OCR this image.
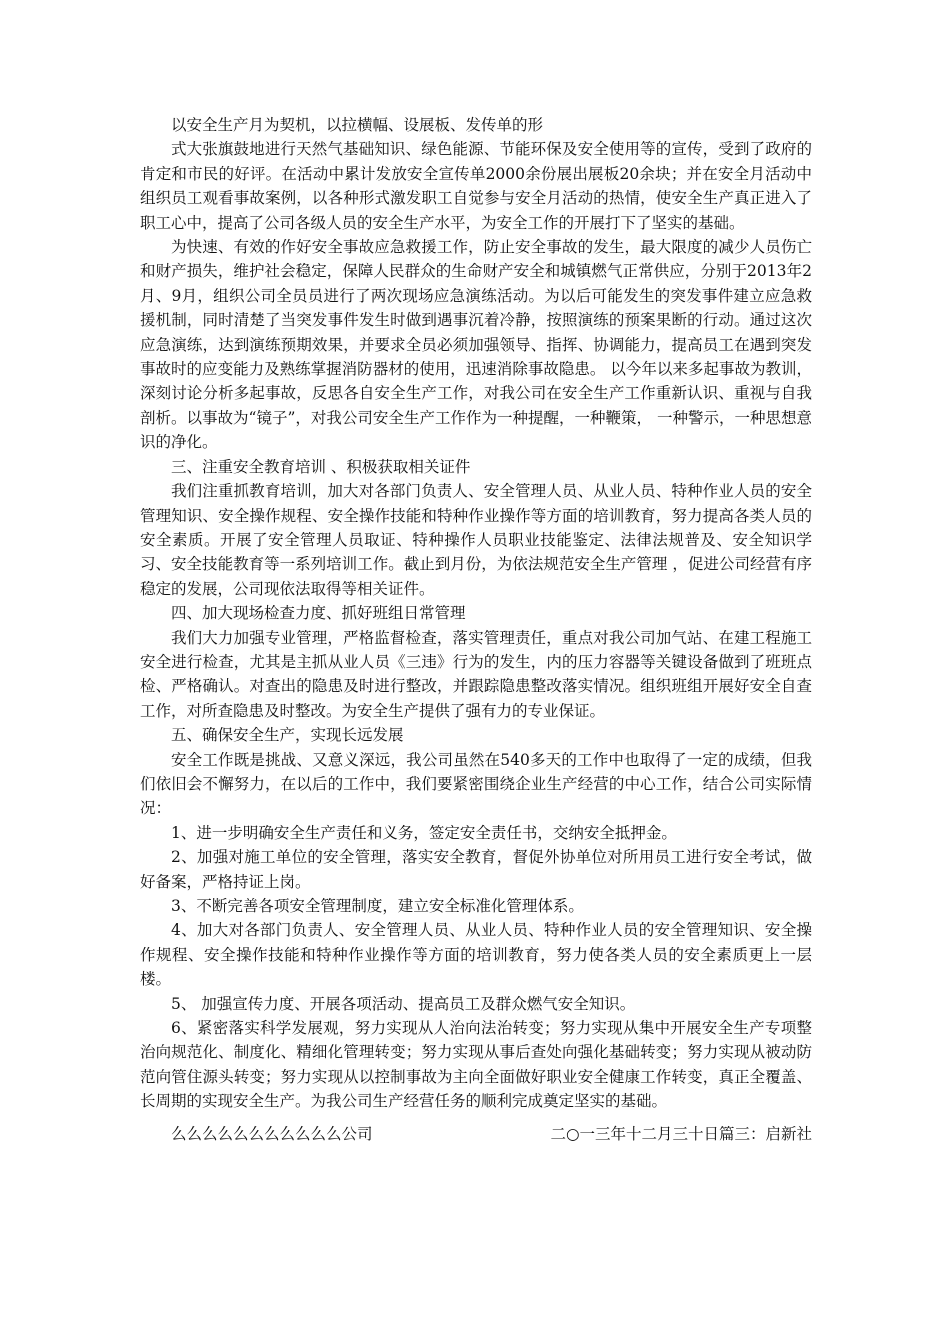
以安全生产月为契机，以拉横幅、设展板、发传单的形

式大张旗鼓地进行天然气基础知识、绿色能源、节能环保及安全使用等的宣传，受到了政府的肯定和市民的好评。在活动中累计发放安全宣传单2000余份展出展板20余块；并在安全月活动中组织员工观看事故案例，以各种形式激发职工自觉参与安全月活动的热情，使安全生产真正进入了职工心中，提高了公司各级人员的安全生产水平，为安全工作的开展打下了坚实的基础。

为快速、有效的作好安全事故应急救援工作，防止安全事故的发生，最大限度的减少人员伤亡和财产损失，维护社会稳定，保障人民群众的生命财产安全和城镇燃气正常供应，分别于2013年2月、9月，组织公司全员员进行了两次现场应急演练活动。为以后可能发生的突发事件建立应急救援机制，同时清楚了当突发事件发生时做到遇事沉着冷静，按照演练的预案果断的行动。通过这次应急演练，达到演练预期效果，并要求全员必须加强领导、指挥、协调能力，提高员工在遇到突发事故时的应变能力及熟练掌握消防器材的使用，迅速消除事故隐患。 以今年以来多起事故为教训，深刻讨论分析多起事故，反思各自安全生产工作，对我公司在安全生产工作重新认识、重视与自我剖析。以事故为“镜子”，对我公司安全生产工作作为一种提醒，一种鞭策， 一种警示，一种思想意识的净化。

三、注重安全教育培训 、积极获取相关证件

我们注重抓教育培训，加大对各部门负责人、安全管理人员、从业人员、特种作业人员的安全管理知识、安全操作规程、安全操作技能和特种作业操作等方面的培训教育，努力提高各类人员的安全素质。开展了安全管理人员取证、特种操作人员职业技能鉴定、法律法规普及、安全知识学习、安全技能教育等一系列培训工作。截止到月份，为依法规范安全生产管理 ，促进公司经营有序稳定的发展，公司现依法取得等相关证件。

四、加大现场检查力度、抓好班组日常管理

我们大力加强专业管理，严格监督检查，落实管理责任，重点对我公司加气站、在建工程施工安全进行检查，尤其是主抓从业人员《三违》行为的发生，内的压力容器等关键设备做到了班班点检、严格确认。对查出的隐患及时进行整改，并跟踪隐患整改落实情况。组织班组开展好安全自查工作，对所查隐患及时整改。为安全生产提供了强有力的专业保证。

五、确保安全生产，实现长远发展

安全工作既是挑战、又意义深远，我公司虽然在540多天的工作中也取得了一定的成绩，但我们依旧会不懈努力，在以后的工作中，我们要紧密围绕企业生产经营的中心工作，结合公司实际情况：

1、进一步明确安全生产责任和义务，签定安全责任书，交纳安全抵押金。

2、加强对施工单位的安全管理，落实安全教育，督促外协单位对所用员工进行安全考试，做好备案，严格持证上岗。

3、不断完善各项安全管理制度，建立安全标准化管理体系。

4、加大对各部门负责人、安全管理人员、从业人员、特种作业人员的安全管理知识、安全操作规程、安全操作技能和特种作业操作等方面的培训教育，努力使各类人员的安全素质更上一层楼。

5、 加强宣传力度、开展各项活动、提高员工及群众燃气安全知识。

6、紧密落实科学发展观，努力实现从人治向法治转变；努力实现从集中开展安全生产专项整治向规范化、制度化、精细化管理转变；努力实现从事后查处向强化基础转变；努力实现从被动防范向管住源头转变；努力实现从以控制事故为主向全面做好职业安全健康工作转变，真正全覆盖、长周期的实现安全生产。为我公司生产经营任务的顺利完成奠定坚实的基础。

么么么么么么么么么么么公司	二○一三年十二月三十日篇三：启新社
